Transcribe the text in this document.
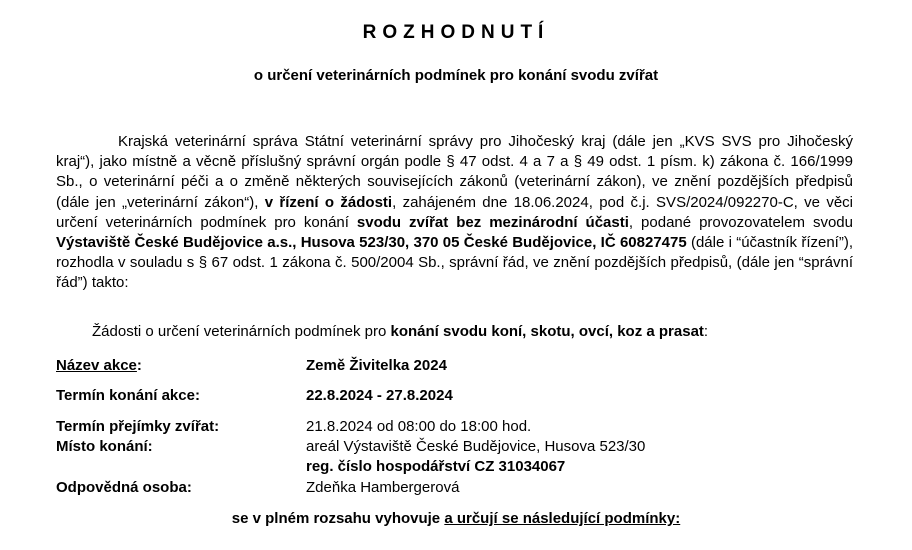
ROZHODNUTÍ
o určení veterinárních podmínek pro konání svodu zvířat
Krajská veterinární správa Státní veterinární správy pro Jihočeský kraj (dále jen „KVS SVS pro Jihočeský kraj“), jako místně a věcně příslušný správní orgán podle § 47 odst. 4 a 7 a § 49 odst. 1 písm. k) zákona č. 166/1999 Sb., o veterinární péči a o změně některých souvisejících zákonů (veterinární zákon), ve znění pozdějších předpisů (dále jen „veterinární zákon“), v řízení o žádosti, zahájeném dne 18.06.2024, pod č.j. SVS/2024/092270-C, ve věci určení veterinárních podmínek pro konání svodu zvířat bez mezinárodní účasti, podané provozovatelem svodu Výstaviště České Budějovice a.s., Husova 523/30, 370 05 České Budějovice, IČ 60827475 (dále i “účastník řízení”), rozhodla v souladu s § 67 odst. 1 zákona č. 500/2004 Sb., správní řád, ve znění pozdějších předpisů, (dále jen “správní řád”) takto:
Žádosti o určení veterinárních podmínek pro konání svodu koní, skotu, ovcí, koz a prasat:
Název akce:	Země Živitelka 2024
Termín konání akce:	22.8.2024 - 27.8.2024
Termín přejímky zvířat:	21.8.2024 od 08:00 do 18:00 hod.
Místo konání:	areál Výstaviště České Budějovice, Husova 523/30
reg. číslo hospodářství CZ 31034067
Odpovědná osoba:	Zdeňka Hambergerová
se v plném rozsahu vyhovuje a určují se následující podmínky:
